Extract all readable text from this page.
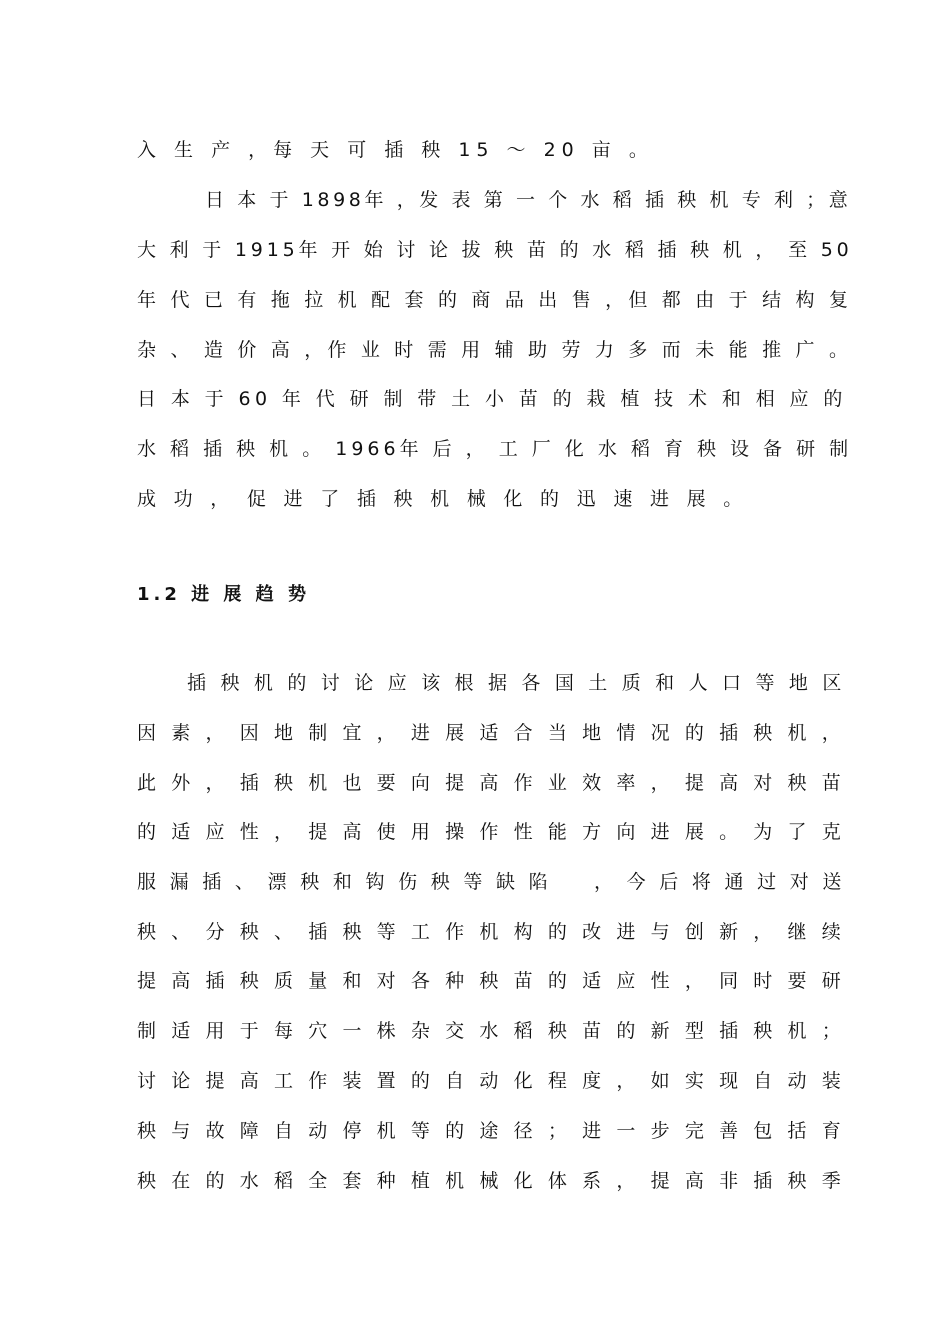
入 生 产 ，每 天 可 插 秧 15 ～ 20 亩 。
日 本 于 1898年 ，发 表 第 一 个 水 稻 插 秧 机 专 利 ；意
大 利 于 1915年 开 始 讨 论 拔 秧 苗 的 水 稻 插 秧 机 ， 至 50
年 代 已 有 拖 拉 机 配 套 的 商 品 出 售 ，但 都 由 于 结 构 复
杂 、 造 价 高 ，作 业 时 需 用 辅 助 劳 力 多 而 未 能 推 广 。
日 本 于 60 年 代 研 制 带 土 小 苗 的 栽 植 技 术 和 相 应 的
水 稻 插 秧 机 。 1966年 后 ， 工 厂 化 水 稻 育 秧 设 备 研 制
成 功 ， 促 进 了 插 秧 机 械 化 的 迅 速 进 展 。
1.2 进 展 趋 势
插 秧 机 的 讨 论 应 该 根 据 各 国 土 质 和 人 口 等 地 区
因 素 ， 因 地 制 宜 ， 进 展 适 合 当 地 情 况 的 插 秧 机 ，
此 外 ， 插 秧 机 也 要 向 提 高 作 业 效 率 ， 提 高 对 秧 苗
的 适 应 性 ， 提 高 使 用 操 作 性 能 方 向 进 展 。 为 了 克
服 漏 插 、 漂 秧 和 钩 伤 秧 等 缺 陷 　 ， 今 后 将 通 过 对 送
秧 、 分 秧 、 插 秧 等 工 作 机 构 的 改 进 与 创 新 ， 继 续
提 高 插 秧 质 量 和 对 各 种 秧 苗 的 适 应 性 ， 同 时 要 研
制 适 用 于 每 穴 一 株 杂 交 水 稻 秧 苗 的 新 型 插 秧 机 ；
讨 论 提 高 工 作 装 置 的 自 动 化 程 度 ， 如 实 现 自 动 装
秧 与 故 障 自 动 停 机 等 的 途 径 ； 进 一 步 完 善 包 括 育
秧 在 的 水 稻 全 套 种 植 机 械 化 体 系 ， 提 高 非 插 秧 季
